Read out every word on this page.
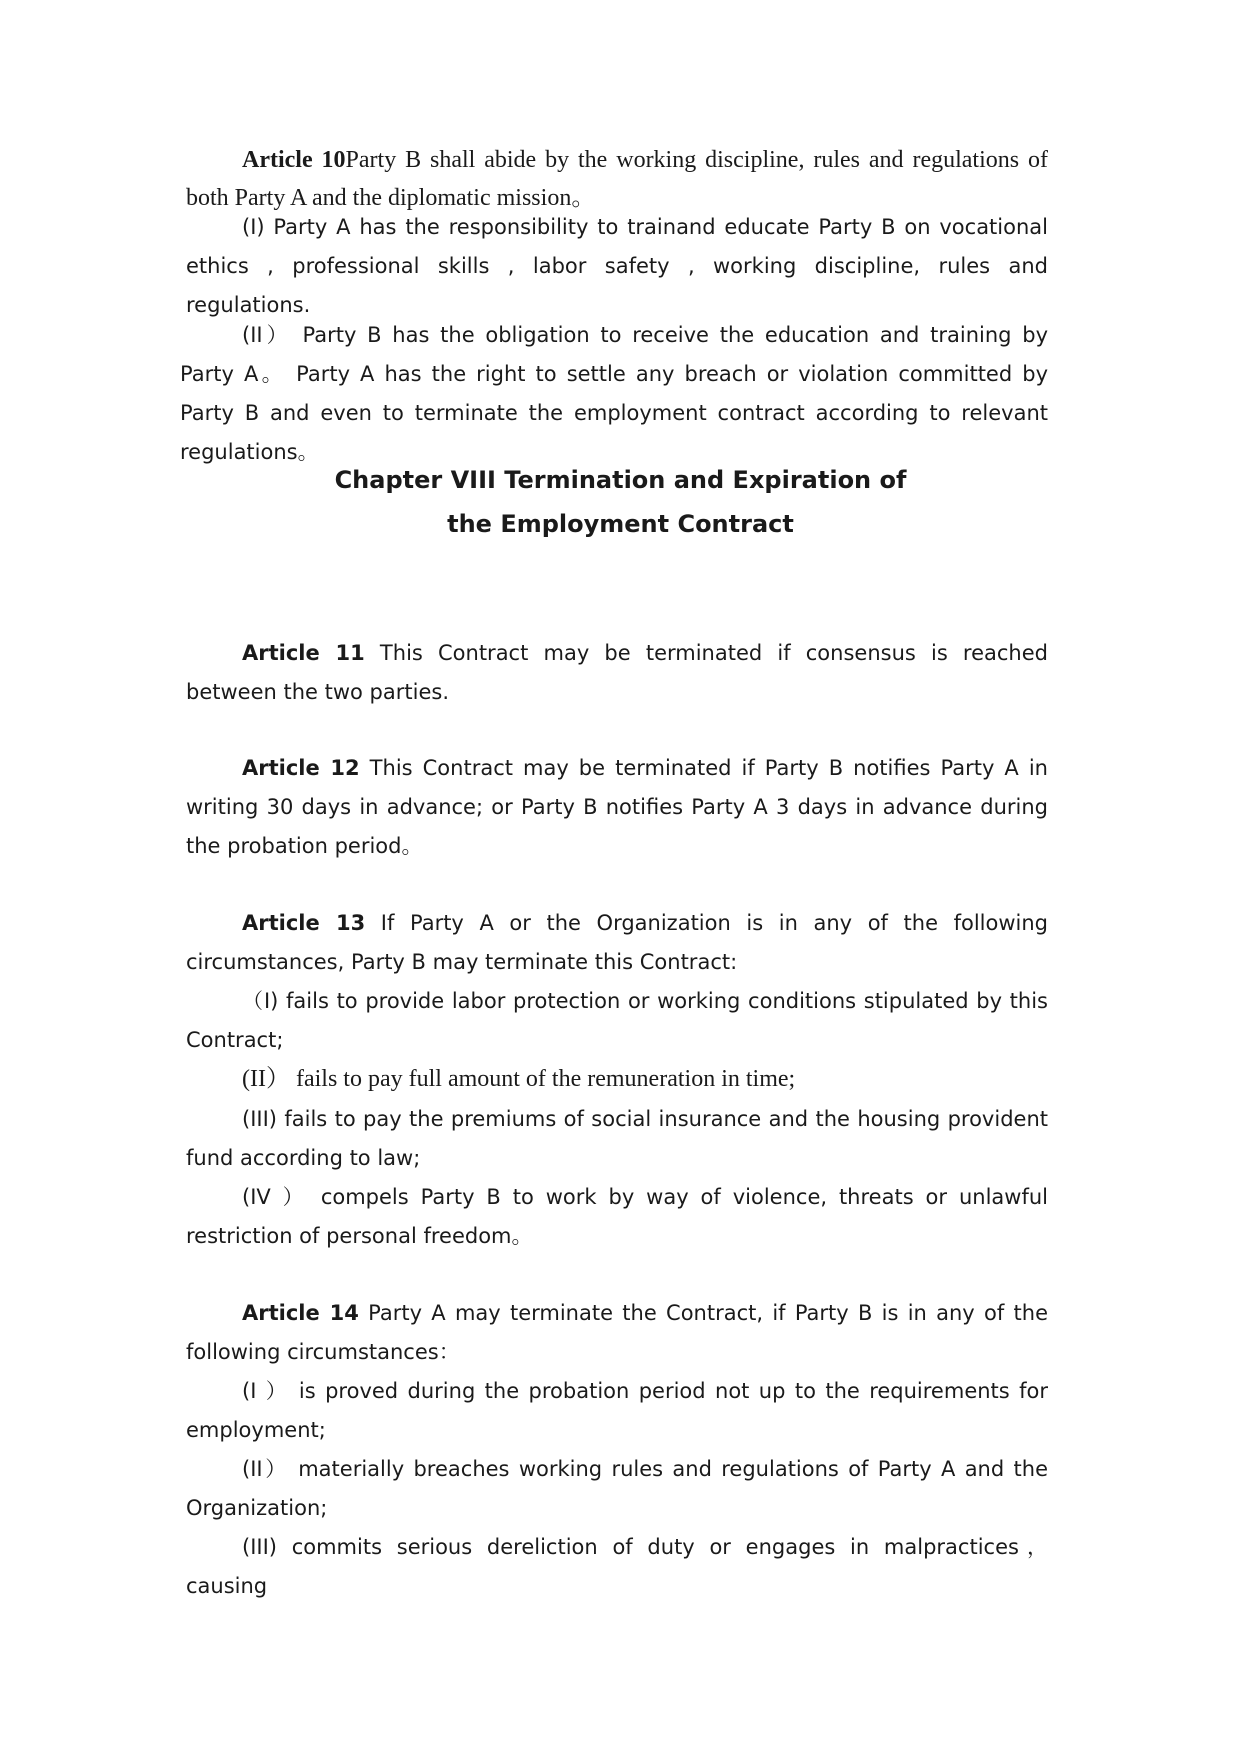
Article 10Party B shall abide by the working discipline, rules and regulations of both Party A and the diplomatic mission。
(I) Party A has the responsibility to trainand educate Party B on vocational ethics , professional skills , labor safety , working discipline, rules and regulations.
(II） Party B has the obligation to receive the education and training by Party A。 Party A has the right to settle any breach or violation committed by Party B and even to terminate the employment contract according to relevant regulations。
Chapter VIII Termination and Expiration of
the Employment Contract
Article 11 This Contract may be terminated if consensus is reached between the two parties.
Article 12 This Contract may be terminated if Party B notifies Party A in writing 30 days in advance; or Party B notifies Party A 3 days in advance during the probation period。
Article 13 If Party A or the Organization is in any of the following circumstances, Party B may terminate this Contract:
（I) fails to provide labor protection or working conditions stipulated by this Contract;
(II） fails to pay full amount of the remuneration in time;
(III) fails to pay the premiums of social insurance and the housing provident fund according to law;
(IV ） compels Party B to work by way of violence, threats or unlawful restriction of personal freedom。
Article 14 Party A may terminate the Contract, if Party B is in any of the following circumstances：
(I ） is proved during the probation period not up to the requirements for employment;
(II） materially breaches working rules and regulations of Party A and the Organization;
(III) commits serious dereliction of duty or engages in malpractices， causing
